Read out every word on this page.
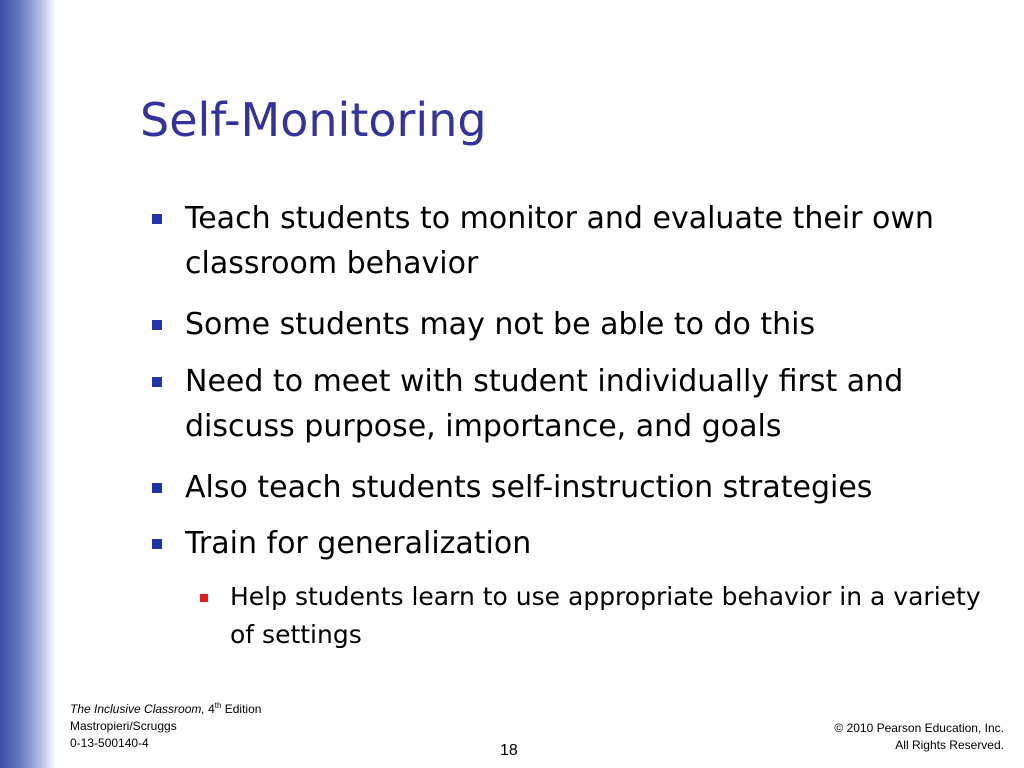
Self-Monitoring
Teach students to monitor and evaluate their own classroom behavior
Some students may not be able to do this
Need to meet with student individually first and discuss purpose, importance, and goals
Also teach students self-instruction strategies
Train for generalization
Help students learn to use appropriate behavior in a variety of settings
The Inclusive Classroom, 4th Edition
Mastropieri/Scruggs
0-13-500140-4	18
© 2010 Pearson Education, Inc.
All Rights Reserved.
